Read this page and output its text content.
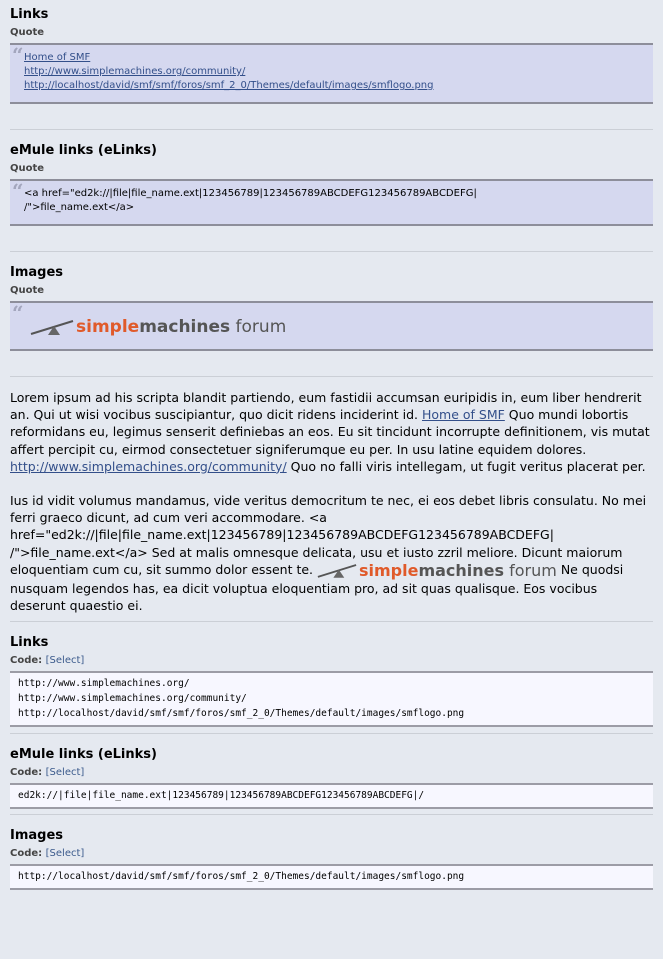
Links
Quote
“ Home of SMF
http://www.simplemachines.org/community/
http://localhost/david/smf/smf/foros/smf_2_0/Themes/default/images/smflogo.png
eMule links (eLinks)
Quote
“ <a href="ed2k://|file|file_name.ext|123456789|123456789ABCDEFG123456789ABCDEFG|
/">file_name.ext</a>
Images
Quote
“
simple machines forum

Lorem ipsum ad his scripta blandit partiendo, eum fastidii accumsan euripidis in, eum liber hendrerit an. Qui ut wisi vocibus suscipiantur, quo dicit ridens inciderint id. Home of SMF Quo mundi lobortis reformidans eu, legimus senserit definiebas an eos. Eu sit tincidunt incorrupte definitionem, vis mutat affert percipit cu, eirmod consectetuer signiferumque eu per. In usu latine equidem dolores. http://www.simplemachines.org/community/ Quo no falli viris intellegam, ut fugit veritus placerat per.

Ius id vidit volumus mandamus, vide veritus democritum te nec, ei eos debet libris consulatu. No mei ferri graeco dicunt, ad cum veri accommodare. <a href="ed2k://|file|file_name.ext|123456789|123456789ABCDEFG123456789ABCDEFG| /">file_name.ext</a> Sed at malis omnesque delicata, usu et iusto zzril meliore. Dicunt maiorum eloquentiam cum cu, sit summo dolor essent te.	simple machines forum Ne quodsi nusquam legendos has, ea dicit voluptua eloquentiam pro, ad sit quas qualisque. Eos vocibus deserunt quaestio ei.

Links
Code: [Select]
http://www.simplemachines.org/
http://www.simplemachines.org/community/
http://localhost/david/smf/smf/foros/smf_2_0/Themes/default/images/smflogo.png
eMule links (eLinks)
Code: [Select]
ed2k://|file|file_name.ext|123456789|123456789ABCDEFG123456789ABCDEFG|/
Images
Code: [Select]
http://localhost/david/smf/smf/foros/smf_2_0/Themes/default/images/smflogo.png
